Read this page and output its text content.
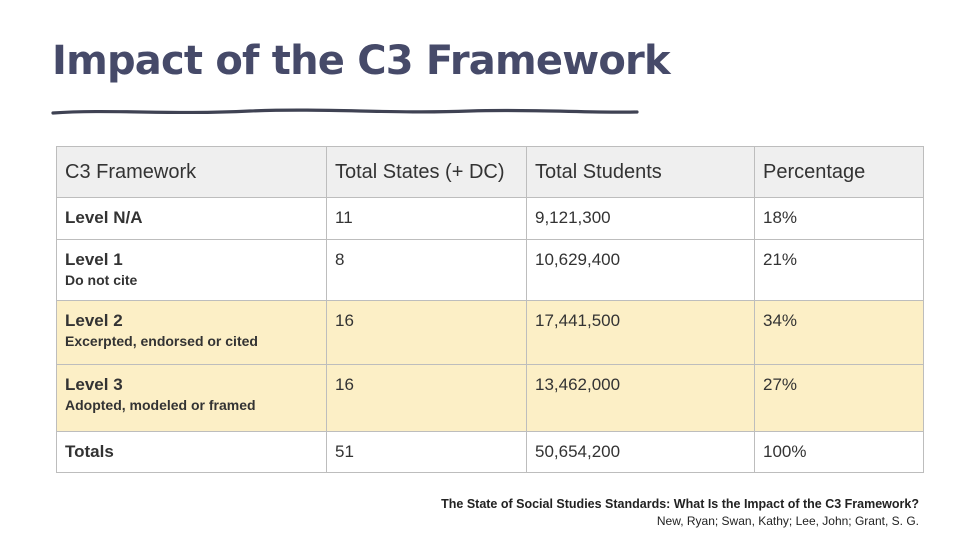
Impact of the C3 Framework
C3 Framework	Total States (+ DC)	Total Students	Percentage

Level N/A	11	9,121,300	18%

Level 1
Do not cite	8	10,629,400	21%

Level 2
Excerpted, endorsed or cited	16	17,441,500	34%

Level 3
Adopted, modeled or framed	16	13,462,000	27%

Totals	51	50,654,200	100%
The State of Social Studies Standards: What Is the Impact of the C3 Framework?
New, Ryan; Swan, Kathy; Lee, John; Grant, S. G.
